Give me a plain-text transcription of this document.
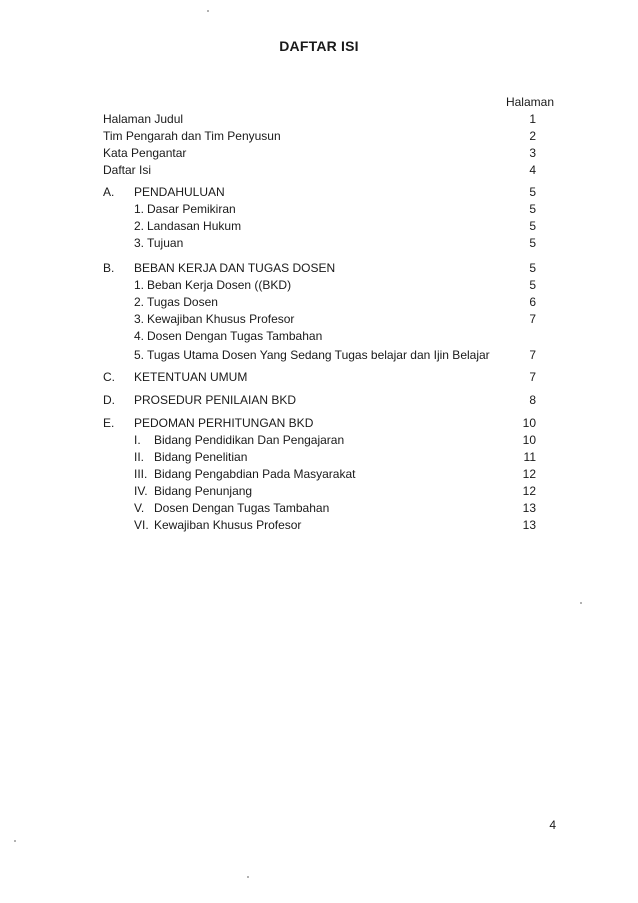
DAFTAR ISI
Halaman
Halaman Judul	1
Tim Pengarah dan Tim Penyusun	2
Kata Pengantar	3
Daftar Isi	4
A. PENDAHULUAN	5
1. Dasar Pemikiran	5
2. Landasan Hukum	5
3. Tujuan	5
B. BEBAN KERJA DAN TUGAS DOSEN	5
1. Beban Kerja Dosen ((BKD)	5
2. Tugas Dosen	6
3. Kewajiban Khusus Profesor	7
4. Dosen Dengan Tugas Tambahan
5. Tugas Utama Dosen Yang Sedang Tugas belajar dan Ijin Belajar	7
C. KETENTUAN UMUM	7
D. PROSEDUR PENILAIAN BKD	8
E. PEDOMAN PERHITUNGAN BKD	10
I. Bidang Pendidikan Dan Pengajaran	10
II. Bidang Penelitian	11
III. Bidang Pengabdian Pada Masyarakat	12
IV. Bidang Penunjang	12
V. Dosen Dengan Tugas Tambahan	13
VI. Kewajiban Khusus Profesor	13
4
